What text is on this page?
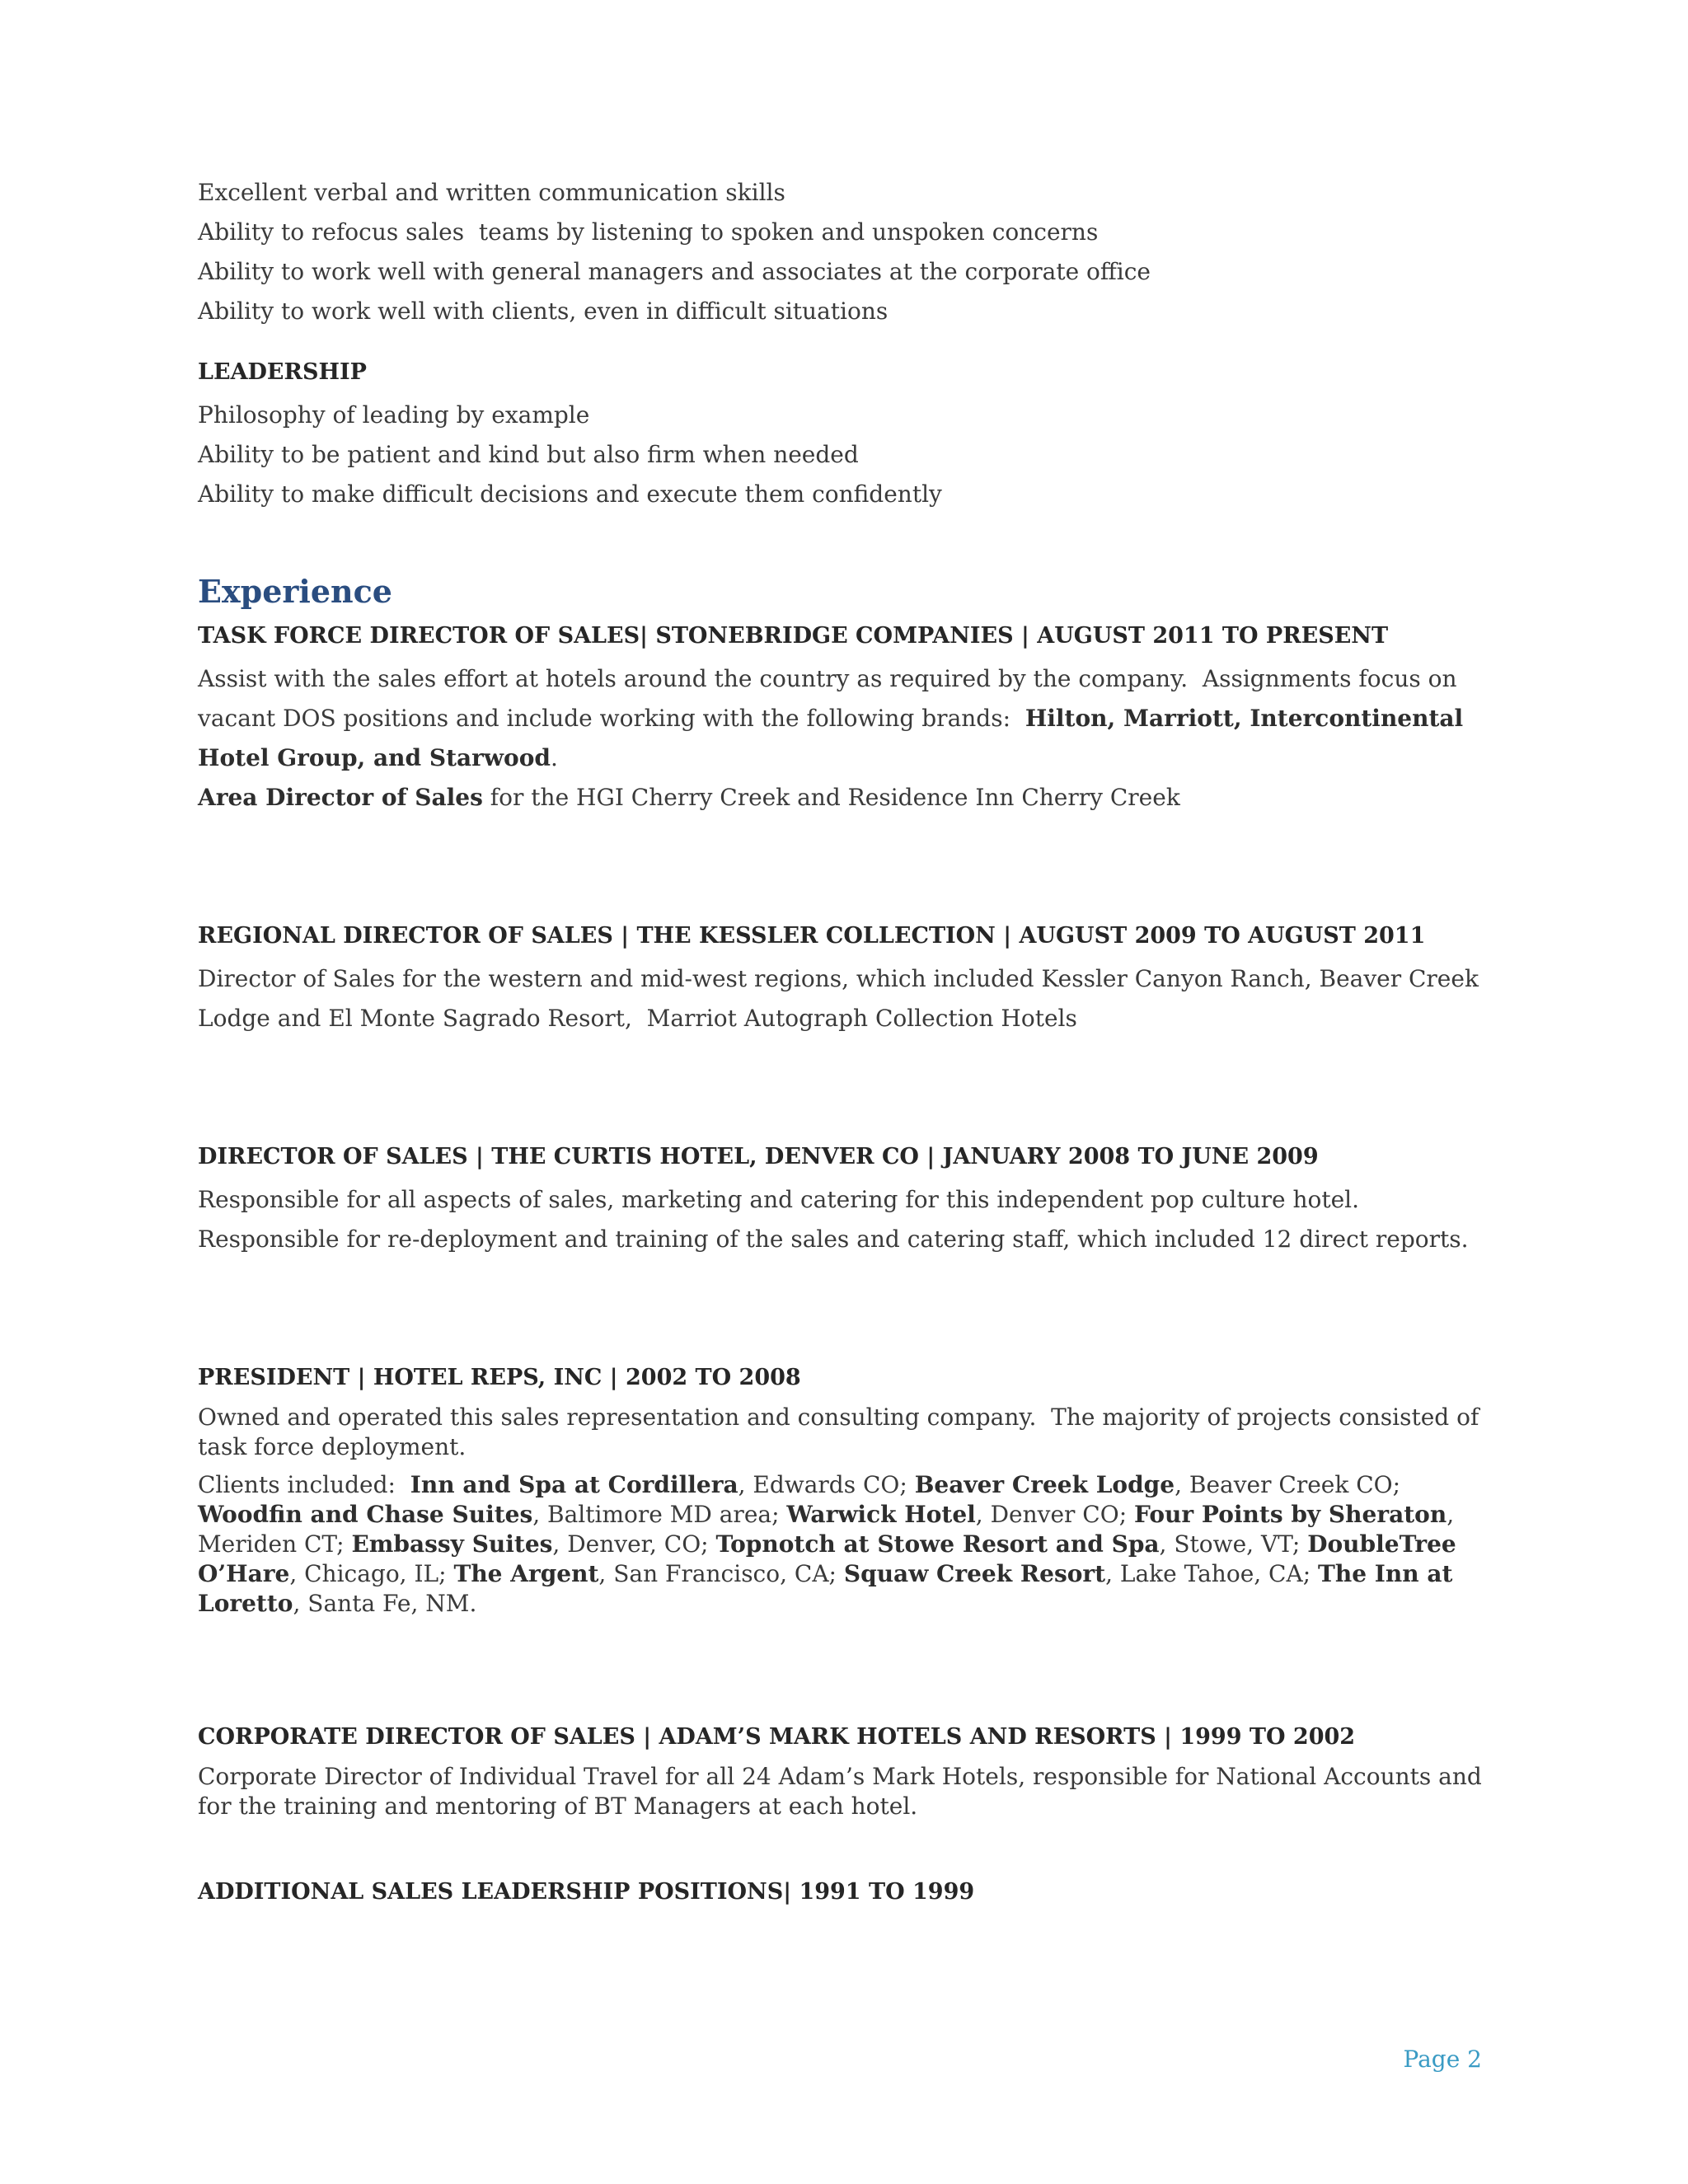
Excellent verbal and written communication skills

Ability to refocus sales  teams by listening to spoken and unspoken concerns

Ability to work well with general managers and associates at the corporate office

Ability to work well with clients, even in difficult situations

LEADERSHIP

Philosophy of leading by example

Ability to be patient and kind but also firm when needed

Ability to make difficult decisions and execute them confidently

Experience

TASK FORCE DIRECTOR OF SALES| STONEBRIDGE COMPANIES | AUGUST 2011 TO PRESENT

Assist with the sales effort at hotels around the country as required by the company.  Assignments focus on vacant DOS positions and include working with the following brands:  Hilton, Marriott, Intercontinental Hotel Group, and Starwood.

Area Director of Sales for the HGI Cherry Creek and Residence Inn Cherry Creek

REGIONAL DIRECTOR OF SALES | THE KESSLER COLLECTION | AUGUST 2009 TO AUGUST 2011

Director of Sales for the western and mid-west regions, which included Kessler Canyon Ranch, Beaver Creek Lodge and El Monte Sagrado Resort,  Marriot Autograph Collection Hotels

DIRECTOR OF SALES | THE CURTIS HOTEL, DENVER CO | JANUARY 2008 TO JUNE 2009

Responsible for all aspects of sales, marketing and catering for this independent pop culture hotel.

Responsible for re-deployment and training of the sales and catering staff, which included 12 direct reports.

PRESIDENT | HOTEL REPS, INC | 2002 TO 2008

Owned and operated this sales representation and consulting company.  The majority of projects consisted of task force deployment.

Clients included:  Inn and Spa at Cordillera, Edwards CO; Beaver Creek Lodge, Beaver Creek CO; Woodfin and Chase Suites, Baltimore MD area; Warwick Hotel, Denver CO; Four Points by Sheraton, Meriden CT; Embassy Suites, Denver, CO; Topnotch at Stowe Resort and Spa, Stowe, VT; DoubleTree O’Hare, Chicago, IL; The Argent, San Francisco, CA; Squaw Creek Resort, Lake Tahoe, CA; The Inn at Loretto, Santa Fe, NM.

CORPORATE DIRECTOR OF SALES | ADAM’S MARK HOTELS AND RESORTS | 1999 TO 2002

Corporate Director of Individual Travel for all 24 Adam’s Mark Hotels, responsible for National Accounts and for the training and mentoring of BT Managers at each hotel.

ADDITIONAL SALES LEADERSHIP POSITIONS| 1991 TO 1999

Page 2
